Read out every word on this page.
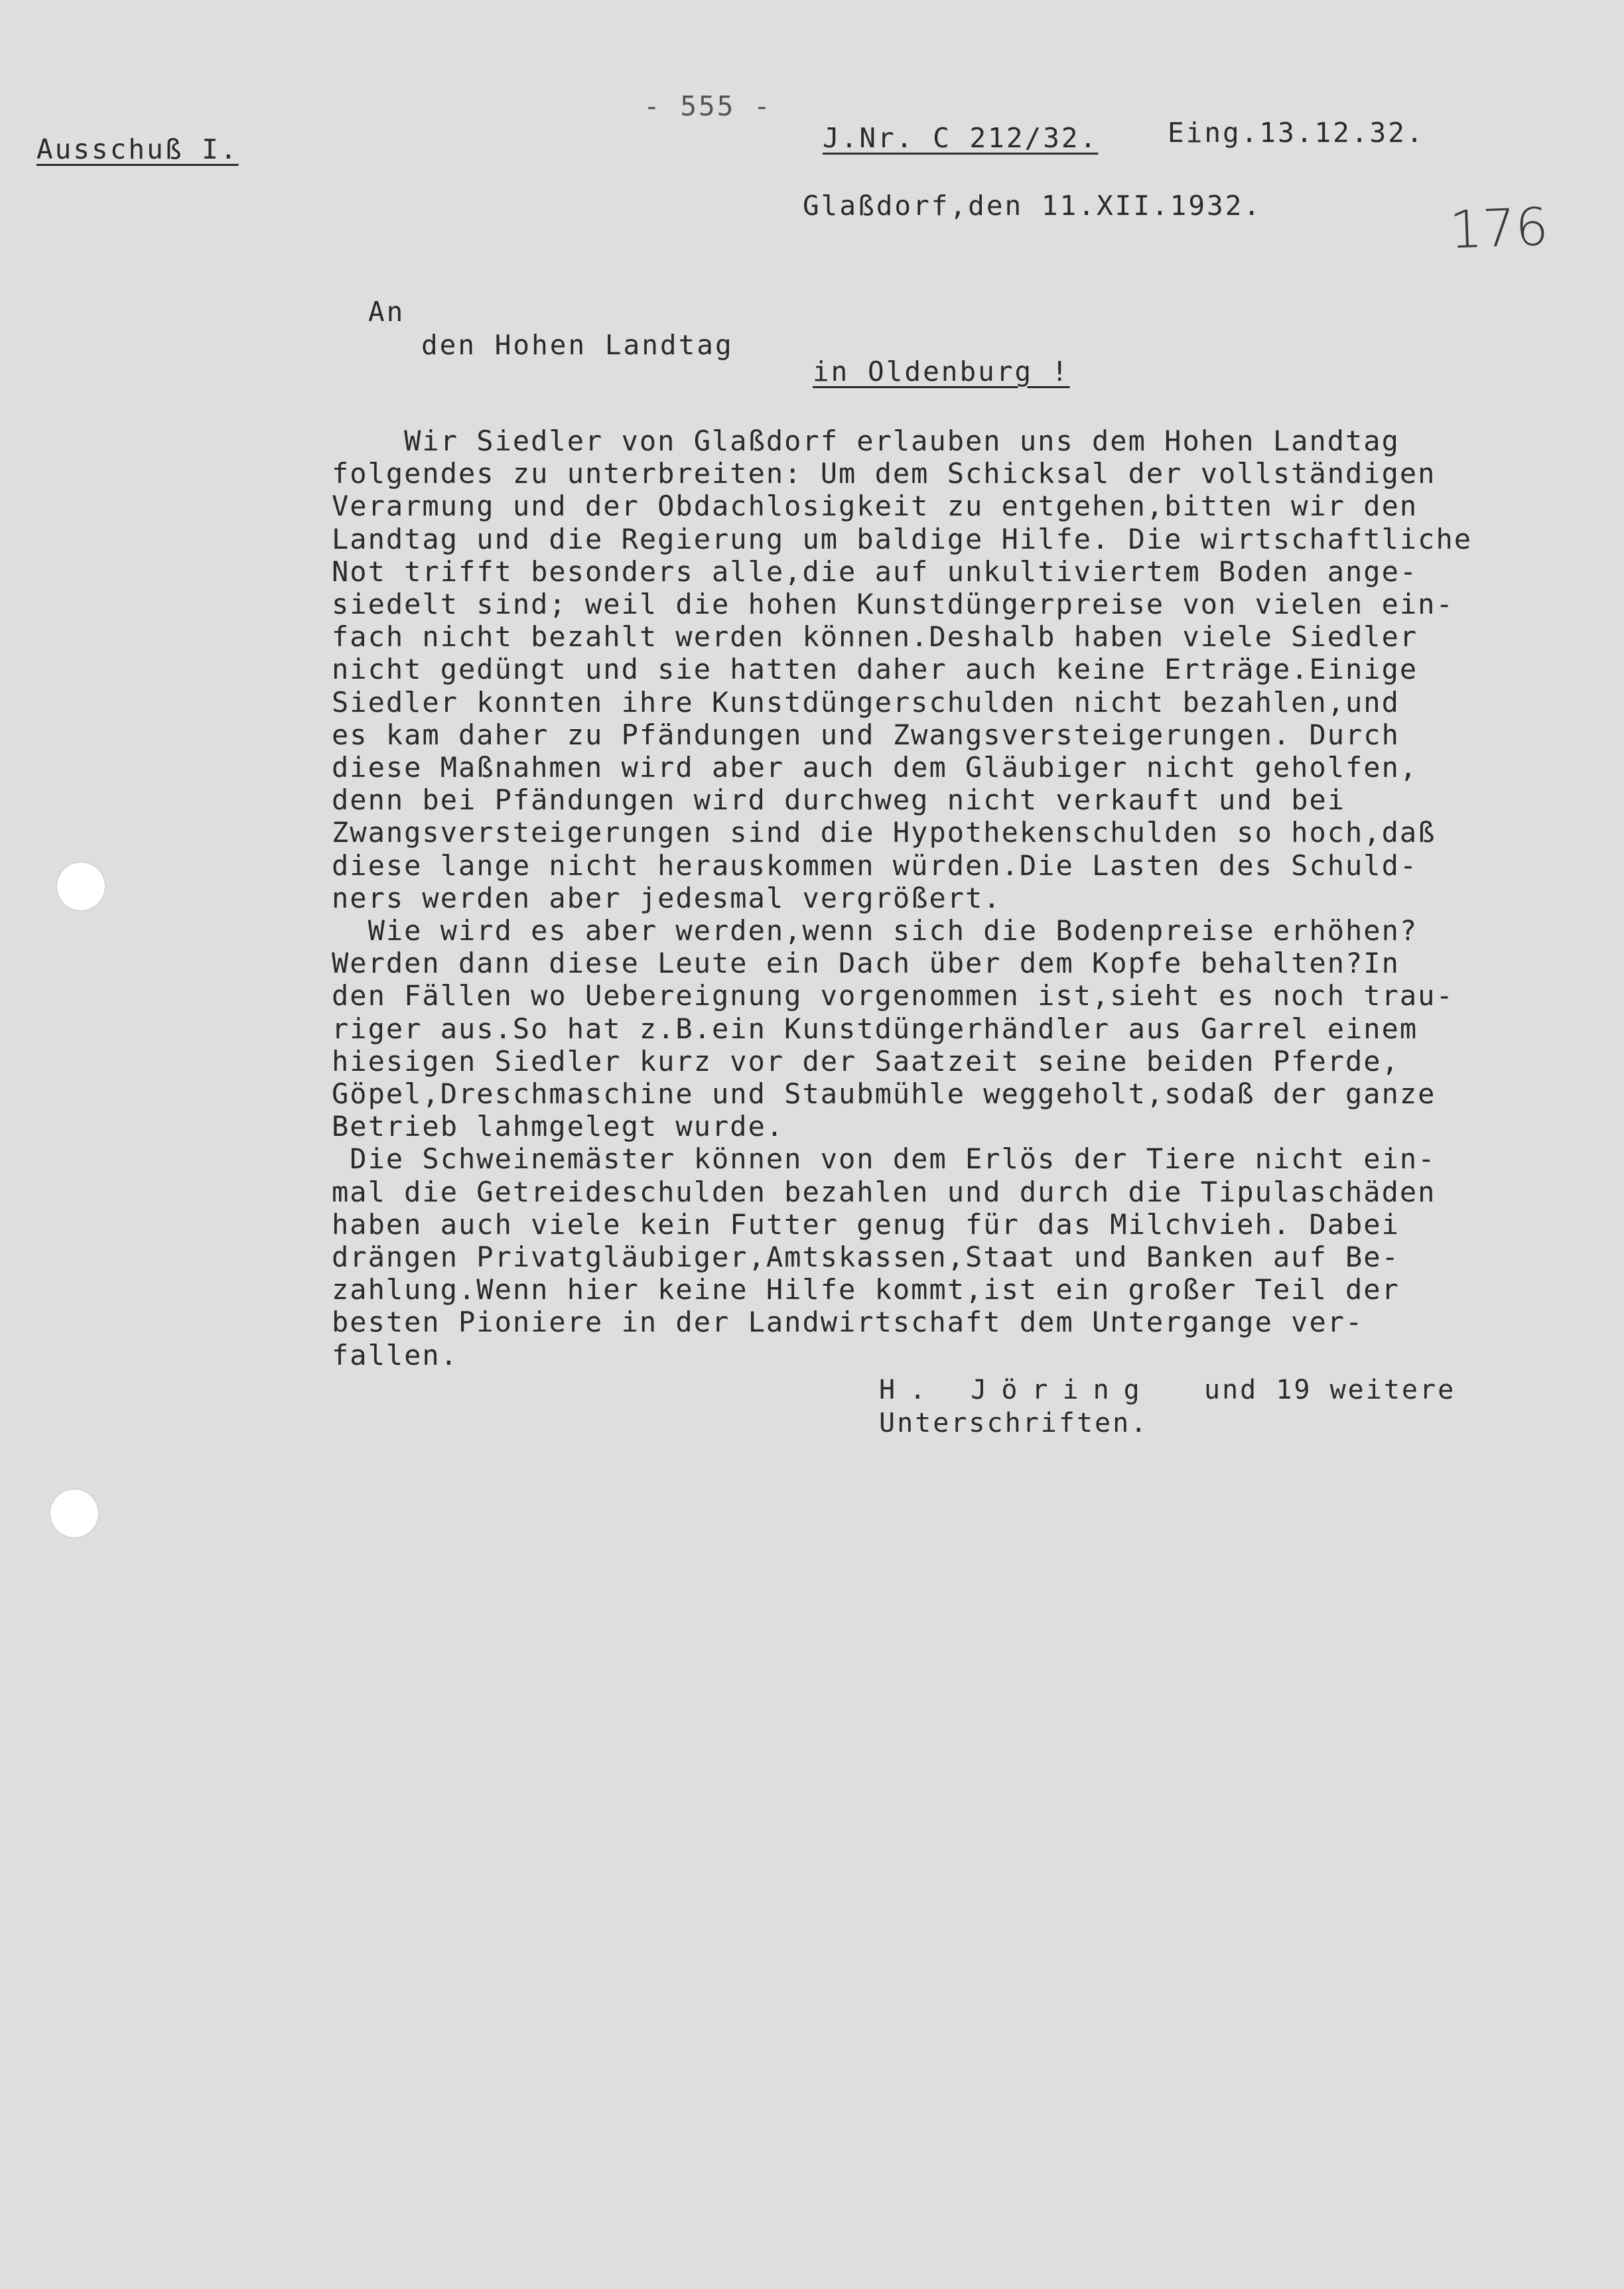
Ausschuß I.
- 555 -
J.Nr. C 212/32.	Eing.13.12.32.
Glaßdorf,den 11.XII.1932.	176
An
den Hohen Landtag
in Oldenburg !
Wir Siedler von Glaßdorf erlauben uns dem Hohen Landtag
folgendes zu unterbreiten: Um dem Schicksal der vollständigen
Verarmung und der Obdachlosigkeit zu entgehen,bitten wir den
Landtag und die Regierung um baldige Hilfe. Die wirtschaftliche
Not trifft besonders alle,die auf unkultiviertem Boden ange-
siedelt sind; weil die hohen Kunstdüngerpreise von vielen ein-
fach nicht bezahlt werden können.Deshalb haben viele Siedler
nicht gedüngt und sie hatten daher auch keine Erträge.Einige
Siedler konnten ihre Kunstdüngerschulden nicht bezahlen,und
es kam daher zu Pfändungen und Zwangsversteigerungen. Durch
diese Maßnahmen wird aber auch dem Gläubiger nicht geholfen,
denn bei Pfändungen wird durchweg nicht verkauft und bei
Zwangsversteigerungen sind die Hypothekenschulden so hoch,daß
diese lange nicht herauskommen würden.Die Lasten des Schuld-
ners werden aber jedesmal vergrößert.
Wie wird es aber werden,wenn sich die Bodenpreise erhöhen?
Werden dann diese Leute ein Dach über dem Kopfe behalten?In
den Fällen wo Uebereignung vorgenommen ist,sieht es noch trau-
riger aus.So hat z.B.ein Kunstdüngerhändler aus Garrel einem
hiesigen Siedler kurz vor der Saatzeit seine beiden Pferde,
Göpel,Dreschmaschine und Staubmühle weggeholt,sodaß der ganze
Betrieb lahmgelegt wurde.
Die Schweinemäster können von dem Erlös der Tiere nicht ein-
mal die Getreideschulden bezahlen und durch die Tipulaschäden
haben auch viele kein Futter genug für das Milchvieh. Dabei
drängen Privatgläubiger,Amtskassen,Staat und Banken auf Be-
zahlung.Wenn hier keine Hilfe kommt,ist ein großer Teil der
besten Pioniere in der Landwirtschaft dem Untergange ver-
fallen.
H. Jöring und 19 weitere
Unterschriften.
